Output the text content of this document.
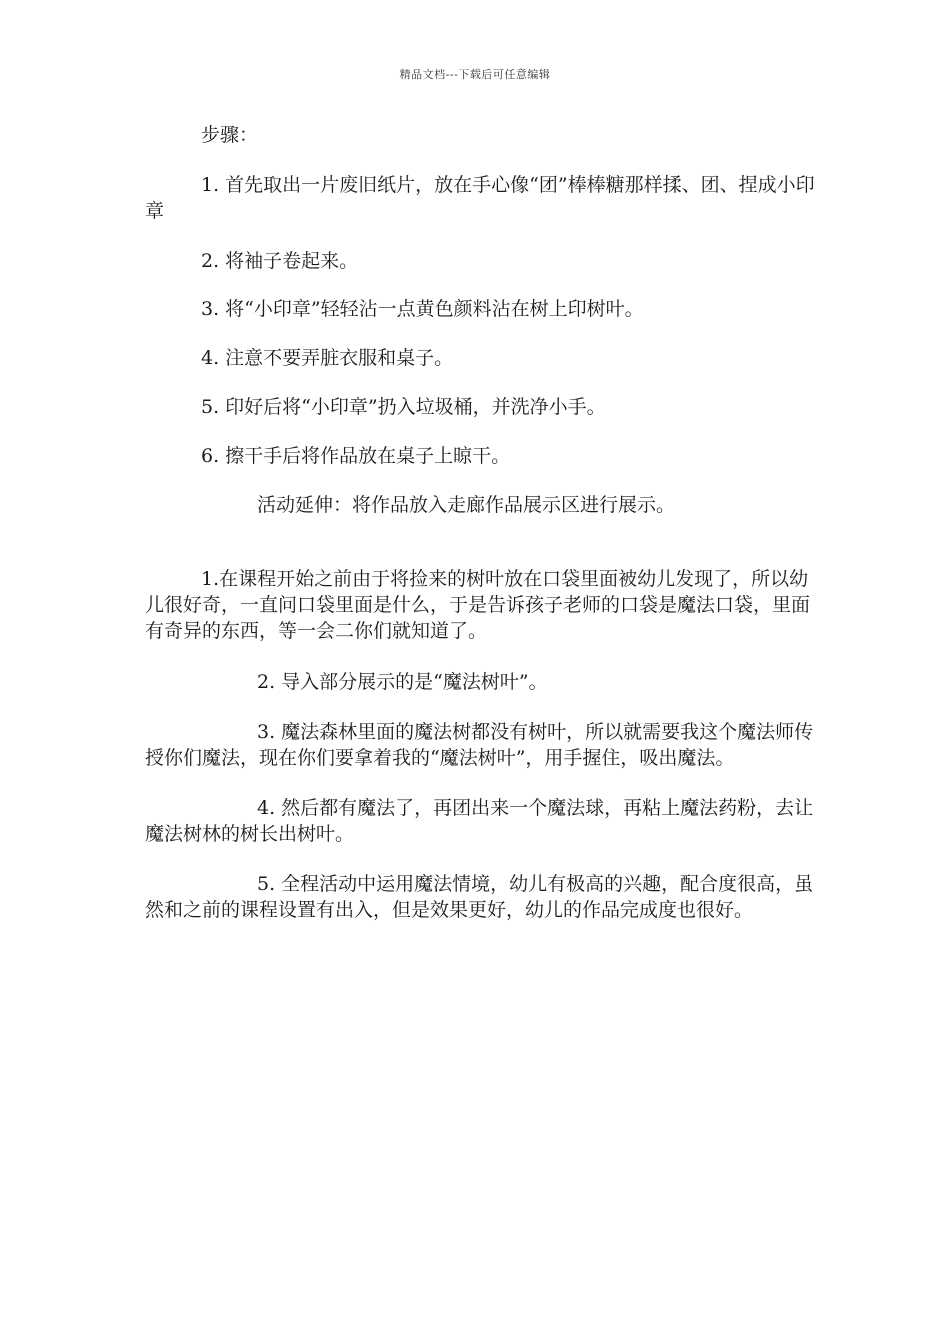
精品文档---下载后可任意编辑

步骤：

1. 首先取出一片废旧纸片，放在手心像“团”棒棒糖那样揉、团、捏成小印章

2. 将袖子卷起来。

3. 将“小印章”轻轻沾一点黄色颜料沾在树上印树叶。

4. 注意不要弄脏衣服和桌子。

5. 印好后将“小印章”扔入垃圾桶，并洗净小手。

6. 擦干手后将作品放在桌子上晾干。

活动延伸：将作品放入走廊作品展示区进行展示。

1.在课程开始之前由于将捡来的树叶放在口袋里面被幼儿发现了，所以幼儿很好奇，一直问口袋里面是什么，于是告诉孩子老师的口袋是魔法口袋，里面有奇异的东西，等一会二你们就知道了。

2. 导入部分展示的是“魔法树叶”。

3. 魔法森林里面的魔法树都没有树叶，所以就需要我这个魔法师传授你们魔法，现在你们要拿着我的“魔法树叶”，用手握住，吸出魔法。

4. 然后都有魔法了，再团出来一个魔法球，再粘上魔法药粉，去让魔法树林的树长出树叶。

5. 全程活动中运用魔法情境，幼儿有极高的兴趣，配合度很高，虽然和之前的课程设置有出入，但是效果更好，幼儿的作品完成度也很好。
